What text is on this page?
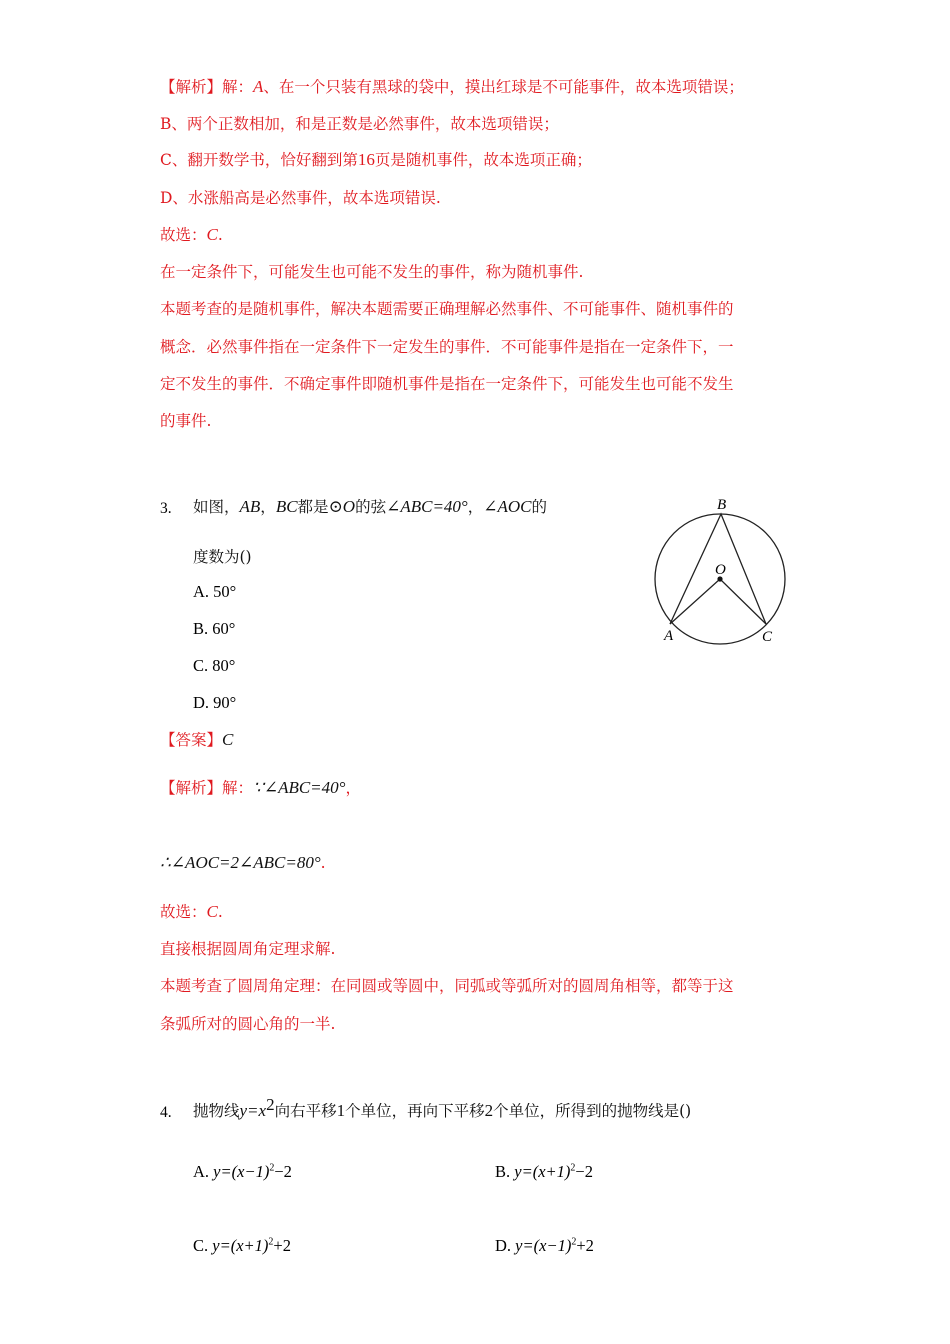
【解析】解：A、在一个只装有黑球的袋中，摸出红球是不可能事件，故本选项错误；
B、两个正数相加，和是正数是必然事件，故本选项错误；
C、翻开数学书，恰好翻到第16页是随机事件，故本选项正确；
D、水涨船高是必然事件，故本选项错误.
故选：C.
在一定条件下，可能发生也可能不发生的事件，称为随机事件.
本题考查的是随机事件，解决本题需要正确理解必然事件、不可能事件、随机事件的
概念．必然事件指在一定条件下一定发生的事件．不可能事件是指在一定条件下，一
定不发生的事件．不确定事件即随机事件是指在一定条件下，可能发生也可能不发生
的事件.
3. 如图，AB，BC都是⊙O的弦∠ABC=40°，∠AOC的
度数为()
A. 50°
B. 60°
C. 80°
D. 90°
B
O
A	C
【答案】C
【解析】解：∵∠ABC=40°，
∴∠AOC=2∠ABC=80°.
故选：C.
直接根据圆周角定理求解.
本题考查了圆周角定理：在同圆或等圆中，同弧或等弧所对的圆周角相等，都等于这
条弧所对的圆心角的一半.
4. 抛物线$y=x^2$向右平移1个单位，再向下平移2个单位，所得到的抛物线是()
A. $y=(x-1)^2-2$	B. $y=(x+1)^2-2$
C. $y=(x+1)^2+2$	D. $y=(x-1)^2+2$
